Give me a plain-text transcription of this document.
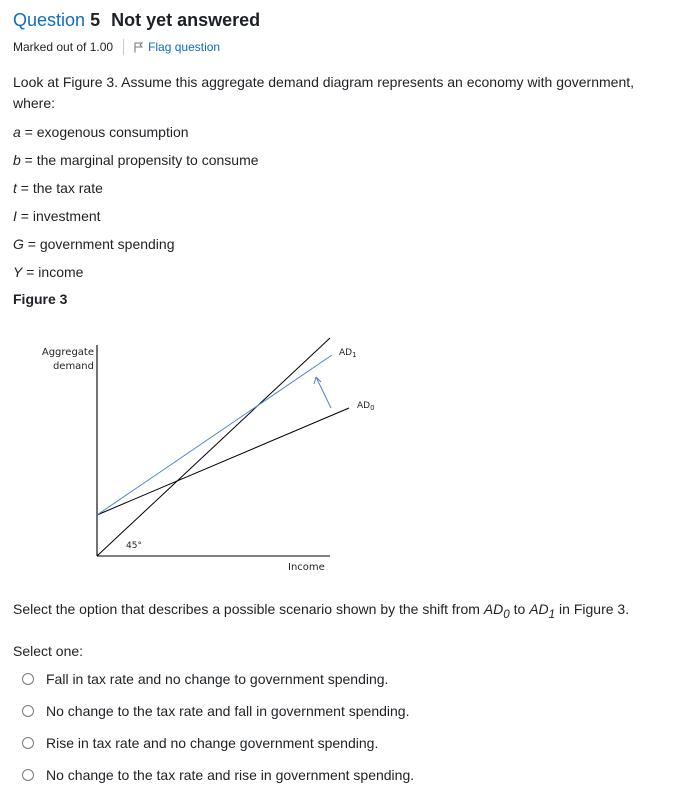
Question 5 Not yet answered
Marked out of 1.00	Flag question
Look at Figure 3. Assume this aggregate demand diagram represents an economy with government, where:
a = exogenous consumption
b = the marginal propensity to consume
t = the tax rate
I = investment
G = government spending
Y = income
Figure 3
Aggregate
demand
Income
45°
$AD_1$
$AD_0$
Select the option that describes a possible scenario shown by the shift from $AD_0$ to $AD_1$ in Figure 3.
Select one:
Fall in tax rate and no change to government spending.
No change to the tax rate and fall in government spending.
Rise in tax rate and no change government spending.
No change to the tax rate and rise in government spending.
